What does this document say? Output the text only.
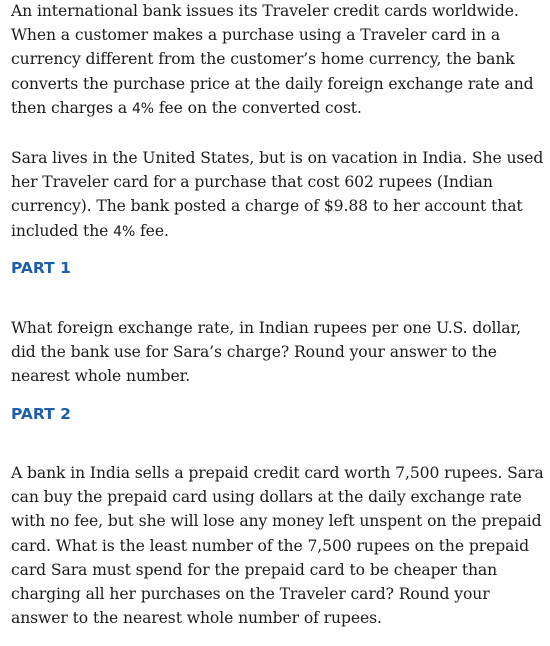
An international bank issues its Traveler credit cards worldwide. When a customer makes a purchase using a Traveler card in a currency different from the customer’s home currency, the bank converts the purchase price at the daily foreign exchange rate and then charges a 4% fee on the converted cost.

Sara lives in the United States, but is on vacation in India. She used her Traveler card for a purchase that cost 602 rupees (Indian currency). The bank posted a charge of $9.88 to her account that included the 4% fee.

PART 1

What foreign exchange rate, in Indian rupees per one U.S. dollar, did the bank use for Sara’s charge? Round your answer to the nearest whole number.

PART 2

A bank in India sells a prepaid credit card worth 7,500 rupees. Sara can buy the prepaid card using dollars at the daily exchange rate with no fee, but she will lose any money left unspent on the prepaid card. What is the least number of the 7,500 rupees on the prepaid card Sara must spend for the prepaid card to be cheaper than charging all her purchases on the Traveler card? Round your answer to the nearest whole number of rupees.
